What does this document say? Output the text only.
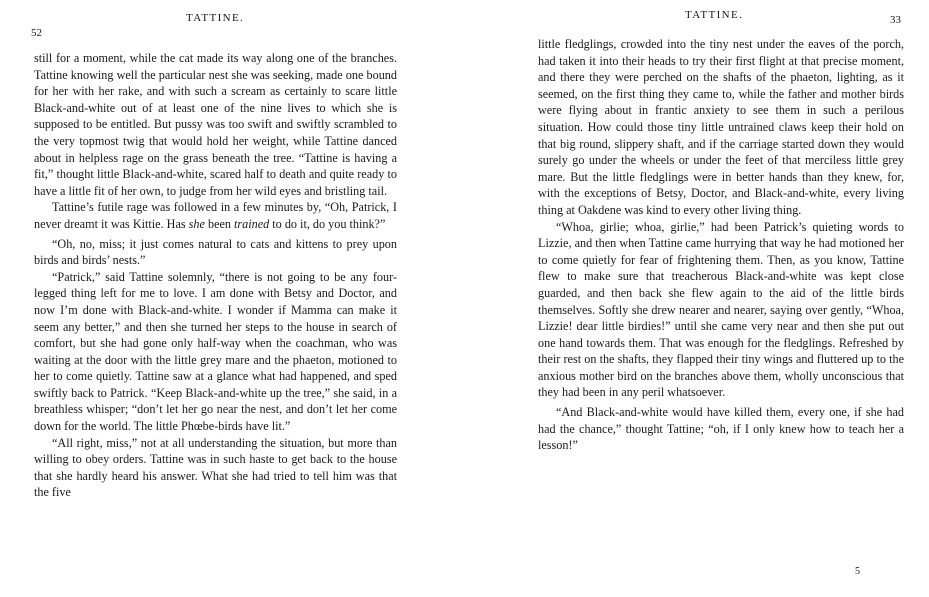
52
TATTINE.

still for a moment, while the cat made its way along one of the branches. Tattine knowing well the particular nest she was seeking, made one bound for her with her rake, and with such a scream as certainly to scare little Black-and-white out of at least one of the nine lives to which she is supposed to be entitled. But pussy was too swift and swiftly scrambled to the very topmost twig that would hold her weight, while Tattine danced about in helpless rage on the grass beneath the tree. “Tattine is having a fit,” thought little Black-and-white, scared half to death and quite ready to have a little fit of her own, to judge from her wild eyes and bristling tail.

Tattine’s futile rage was followed in a few minutes by, “Oh, Patrick, I never dreamt it was Kittie. Has she been trained to do it, do you think?”

“Oh, no, miss; it just comes natural to cats and kittens to prey upon birds and birds’ nests.”

“Patrick,” said Tattine solemnly, “there is not going to be any four-legged thing left for me to love. I am done with Betsy and Doctor, and now I’m done with Black-and-white. I wonder if Mamma can make it seem any better,” and then she turned her steps to the house in search of comfort, but she had gone only half-way when the coachman, who was waiting at the door with the little grey mare and the phaeton, motioned to her to come quietly. Tattine saw at a glance what had happened, and sped swiftly back to Patrick. “Keep Black-and-white up the tree,” she said, in a breathless whisper; “don’t let her go near the nest, and don’t let her come down for the world. The little Phœbe-birds have lit.”

“All right, miss,” not at all understanding the situation, but more than willing to obey orders. Tattine was in such haste to get back to the house that she hardly heard his answer. What she had tried to tell him was that the five

TATTINE.	33

little fledglings, crowded into the tiny nest under the eaves of the porch, had taken it into their heads to try their first flight at that precise moment, and there they were perched on the shafts of the phaeton, lighting, as it seemed, on the first thing they came to, while the father and mother birds were flying about in frantic anxiety to see them in such a perilous situation. How could those tiny little untrained claws keep their hold on that big round, slippery shaft, and if the carriage started down they would surely go under the wheels or under the feet of that merciless little grey mare. But the little fledglings were in better hands than they knew, for, with the exceptions of Betsy, Doctor, and Black-and-white, every living thing at Oakdene was kind to every other living thing.

“Whoa, girlie; whoa, girlie,” had been Patrick’s quieting words to Lizzie, and then when Tattine came hurrying that way he had motioned her to come quietly for fear of frightening them. Then, as you know, Tattine flew to make sure that treacherous Black-and-white was kept close guarded, and then back she flew again to the aid of the little birds themselves. Softly she drew nearer and nearer, saying over gently, “Whoa, Lizzie! dear little birdies!” until she came very near and then she put out one hand towards them. That was enough for the fledglings. Refreshed by their rest on the shafts, they flapped their tiny wings and fluttered up to the anxious mother bird on the branches above them, wholly unconscious that they had been in any peril whatsoever.

“And Black-and-white would have killed them, every one, if she had had the chance,” thought Tattine; “oh, if I only knew how to teach her a lesson!”

5
